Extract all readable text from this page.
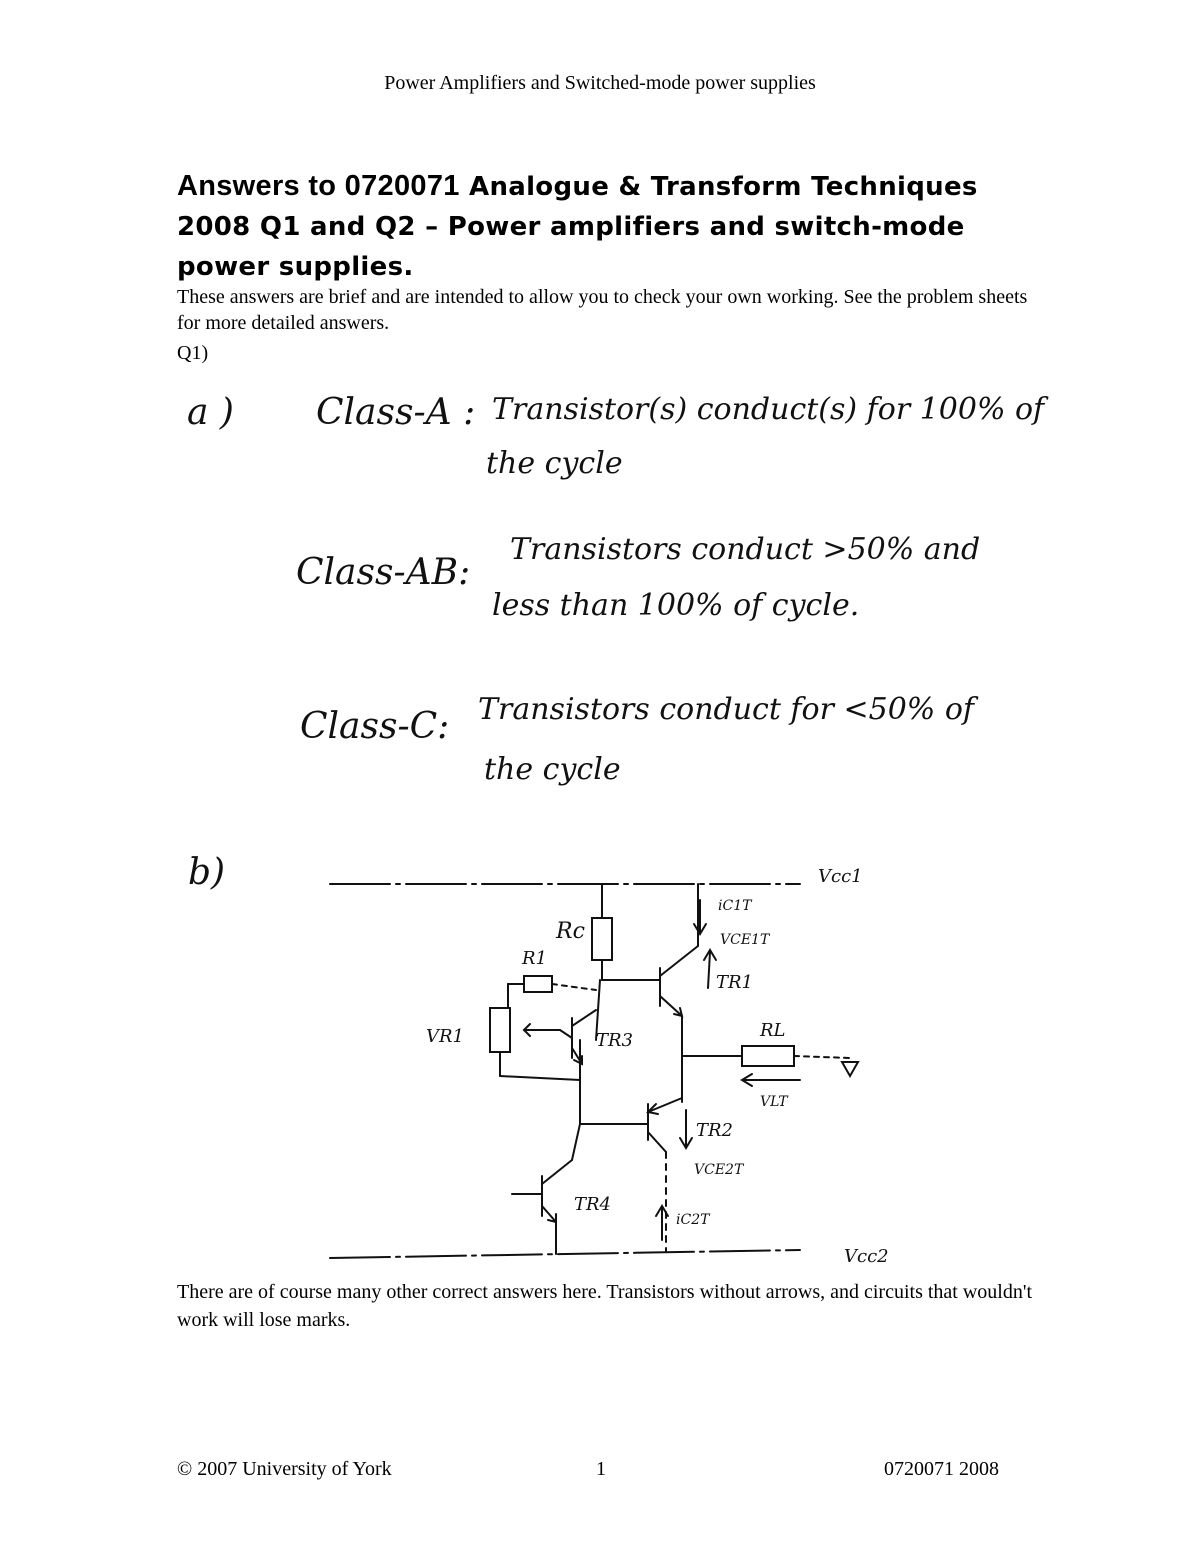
Power Amplifiers and Switched-mode power supplies
Answers to 0720071 Analogue & Transform Techniques 2008 Q1 and Q2 – Power amplifiers and switch-mode power supplies.
These answers are brief and are intended to allow you to check your own working. See the problem sheets for more detailed answers.
Q1)
a ) Class-A : Transistor(s) conduct(s) for 100% of
the cycle
Class-AB:
Transistors conduct >50% and
less than 100% of cycle.
Class-C: Transistors conduct for <50% of
the cycle
b)	Vcc1
Vcc2
Rc
R1
VR1	RL
TR1
TR2
TR3
TR4
iC1T
VCE1T
VCE2T
iC2T
VLT
There are of course many other correct answers here. Transistors without arrows, and circuits that wouldn't work will lose marks.
© 2007 University of York	1	0720071 2008
